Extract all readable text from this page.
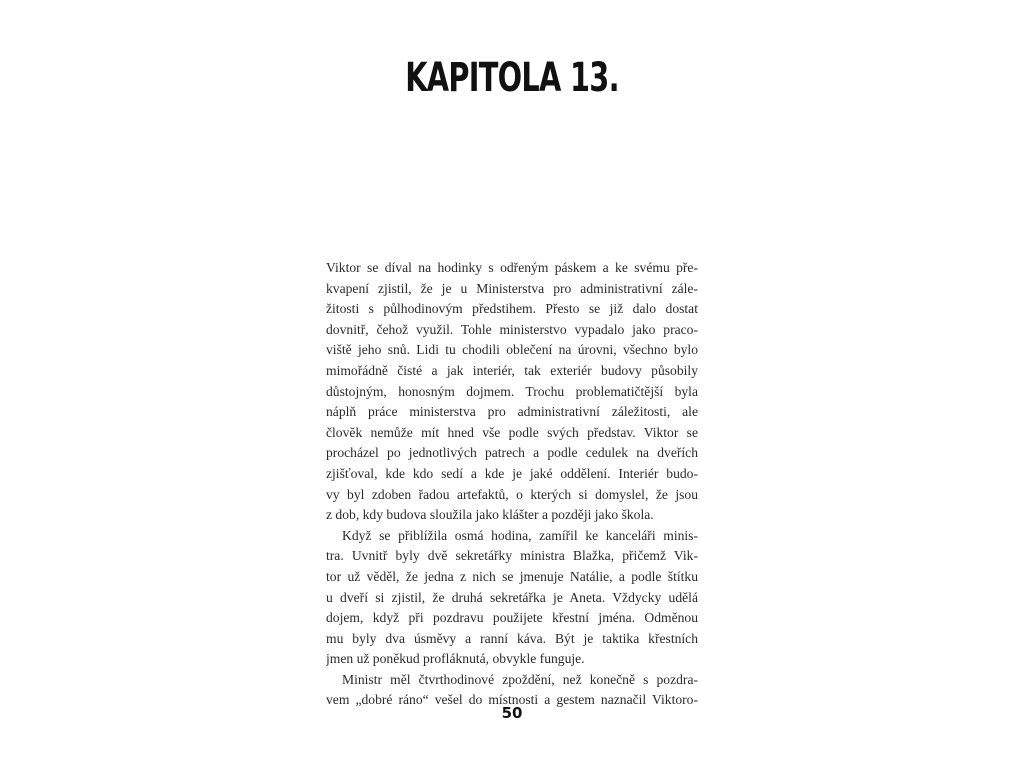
KAPITOLA 13.

Viktor se díval na hodinky s odřeným páskem a ke svému pře-
kvapení zjistil, že je u Ministerstva pro administrativní zále-
žitosti s půlhodinovým předstihem. Přesto se již dalo dostat
dovnitř, čehož využil. Tohle ministerstvo vypadalo jako praco-
viště jeho snů. Lidi tu chodili oblečení na úrovni, všechno bylo
mimořádně čisté a jak interiér, tak exteriér budovy působily
důstojným, honosným dojmem. Trochu problematičtější byla
náplň práce ministerstva pro administrativní záležitosti, ale
člověk nemůže mít hned vše podle svých představ. Viktor se
procházel po jednotlivých patrech a podle cedulek na dveřích
zjišťoval, kde kdo sedí a kde je jaké oddělení. Interiér budo-
vy byl zdoben řadou artefaktů, o kterých si domyslel, že jsou
z dob, kdy budova sloužila jako klášter a později jako škola.

Když se přiblížila osmá hodina, zamířil ke kanceláři minis-
tra. Uvnitř byly dvě sekretářky ministra Blažka, přičemž Vik-
tor už věděl, že jedna z nich se jmenuje Natálie, a podle štítku
u dveří si zjistil, že druhá sekretářka je Aneta. Vždycky udělá
dojem, když při pozdravu použijete křestní jména. Odměnou
mu byly dva úsměvy a ranní káva. Být je taktika křestních
jmen už poněkud profláknutá, obvykle funguje.

Ministr měl čtvrthodinové zpoždění, než konečně s pozdra-
vem „dobré ráno“ vešel do místnosti a gestem naznačil Viktoro-

50
